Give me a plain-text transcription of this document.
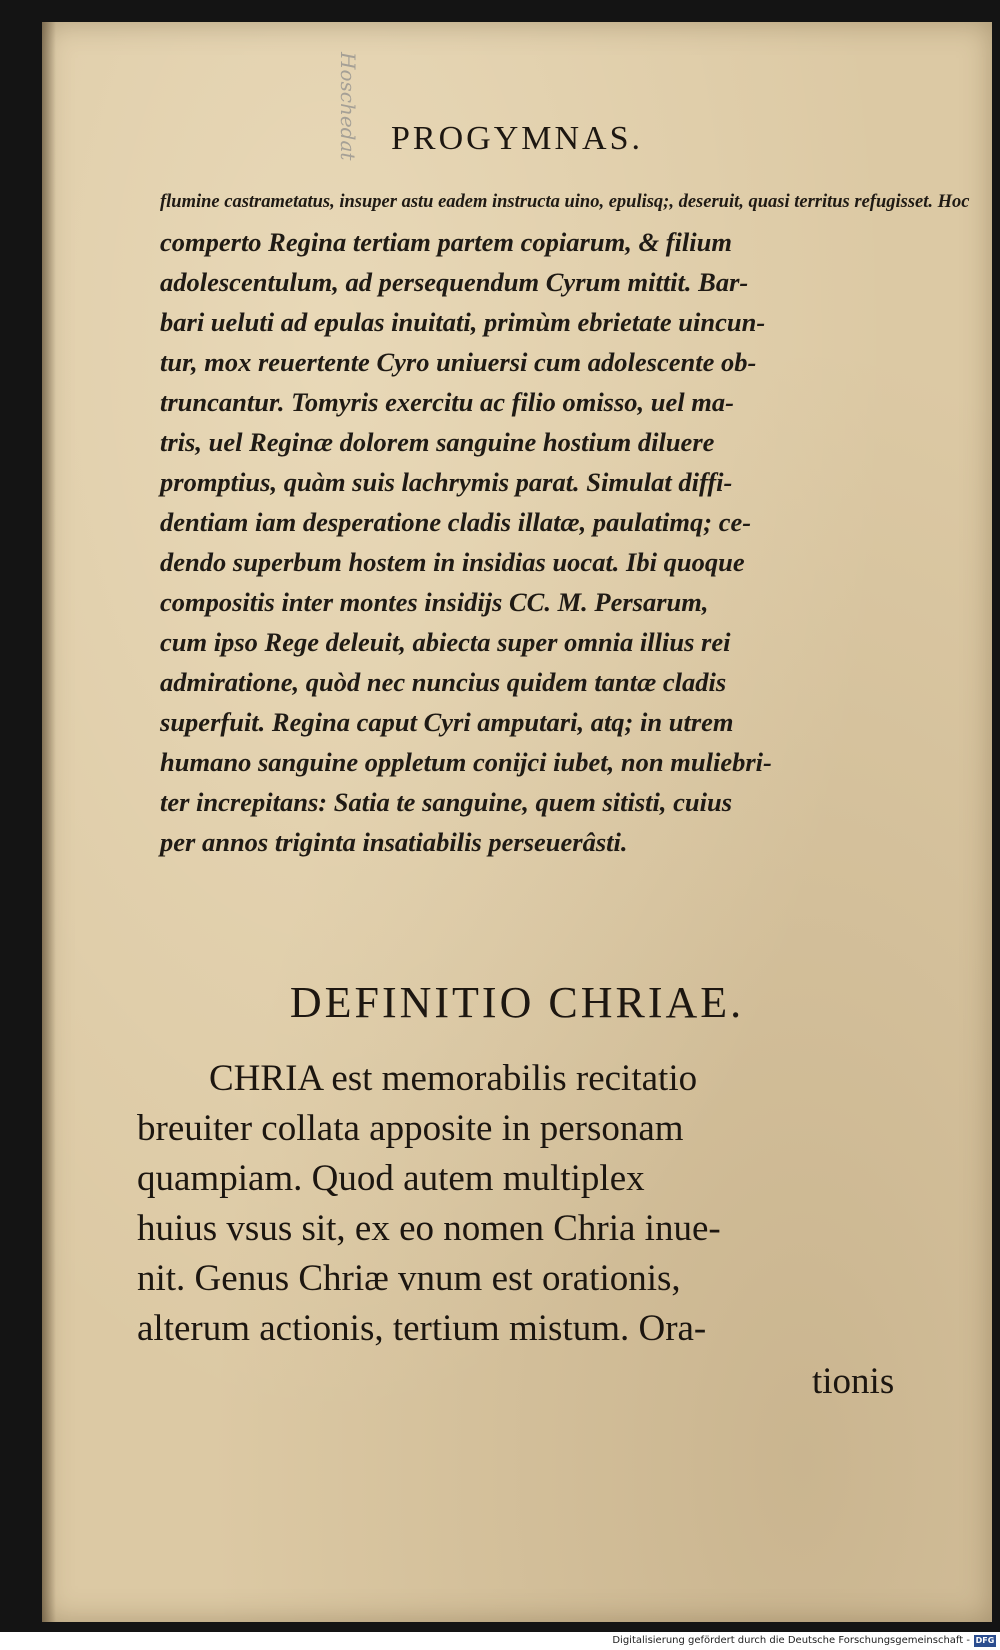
Hoschedat PROGYMNAS.
flumine castrametatus, insuper astu eadem instructa uino, epulisq;, deseruit, quasi territus refugisset. Hoc
comperto Regina tertiam partem copiarum, & filium
adolescentulum, ad persequendum Cyrum mittit. Bar-
bari ueluti ad epulas inuitati, primùm ebrietate uincun-
tur, mox reuertente Cyro uniuersi cum adolescente ob-
truncantur. Tomyris exercitu ac filio omisso, uel ma-
tris, uel Reginæ dolorem sanguine hostium diluere
promptius, quàm suis lachrymis parat. Simulat diffi-
dentiam iam desperatione cladis illatæ, paulatimq; ce-
dendo superbum hostem in insidias uocat. Ibi quoque
compositis inter montes insidijs CC. M. Persarum,
cum ipso Rege deleuit, abiecta super omnia illius rei
admiratione, quòd nec nuncius quidem tantæ cladis
superfuit. Regina caput Cyri amputari, atq; in utrem
humano sanguine oppletum conijci iubet, non muliebri-
ter increpitans: Satia te sanguine, quem sitisti, cuius
per annos triginta insatiabilis perseuerâsti.
DEFINITIO CHRIAE.
CHRIA est memorabilis recitatio
breuiter collata apposite in personam
quampiam. Quod autem multiplex
huius vsus sit, ex eo nomen Chria inue-
nit. Genus Chriæ vnum est orationis,
alterum actionis, tertium mistum. Ora-
tionis
Digitalisierung gefördert durch die Deutsche Forschungsgemeinschaft - DFG
